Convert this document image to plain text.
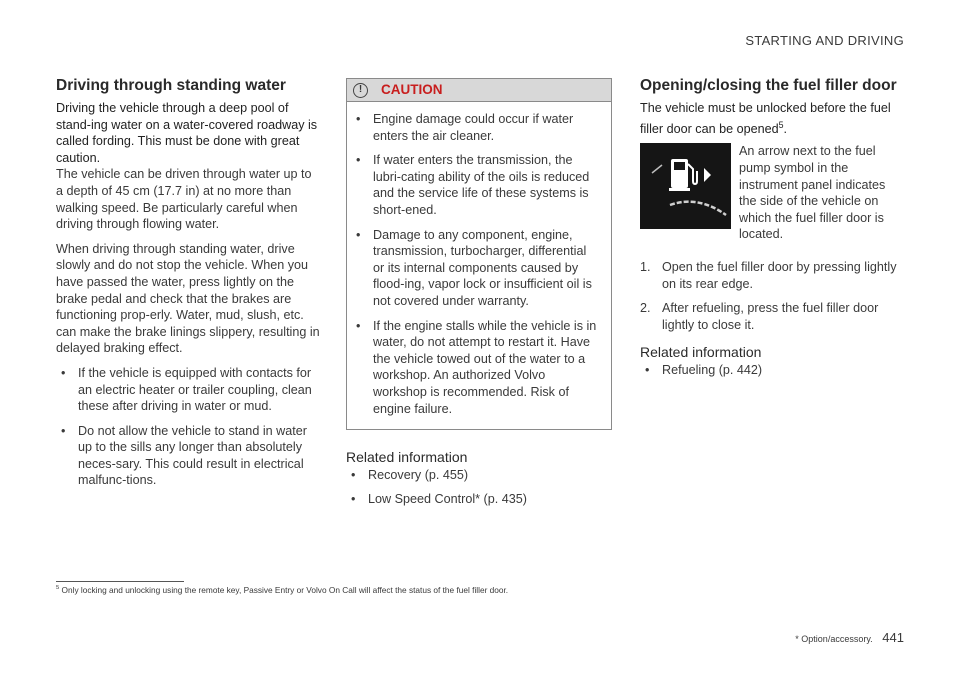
STARTING AND DRIVING
Driving through standing water

Driving the vehicle through a deep pool of stand-ing water on a water-covered roadway is called fording. This must be done with great caution.

The vehicle can be driven through water up to a depth of 45 cm (17.7 in) at no more than walking speed. Be particularly careful when driving through flowing water.

When driving through standing water, drive slowly and do not stop the vehicle. When you have passed the water, press lightly on the brake pedal and check that the brakes are functioning prop-erly. Water, mud, slush, etc. can make the brake linings slippery, resulting in delayed braking effect.

• If the vehicle is equipped with contacts for an electric heater or trailer coupling, clean these after driving in water or mud.
• Do not allow the vehicle to stand in water up to the sills any longer than absolutely neces-sary. This could result in electrical malfunc-tions.
!	CAUTION
• Engine damage could occur if water enters the air cleaner.
• If water enters the transmission, the lubri-cating ability of the oils is reduced and the service life of these systems is short-ened.
• Damage to any component, engine, transmission, turbocharger, differential or its internal components caused by flood-ing, vapor lock or insufficient oil is not covered under warranty.
• If the engine stalls while the vehicle is in water, do not attempt to restart it. Have the vehicle towed out of the water to a workshop. An authorized Volvo workshop is recommended. Risk of engine failure.
Related information
• Recovery (p. 455)
• Low Speed Control* (p. 435)
Opening/closing the fuel filler door

The vehicle must be unlocked before the fuel filler door can be opened$^5$.

An arrow next to the fuel pump symbol in the instrument panel indicates the side of the vehicle on which the fuel filler door is located.
1. Open the fuel filler door by pressing lightly on its rear edge.
2. After refueling, press the fuel filler door lightly to close it.
Related information
• Refueling (p. 442)
$^5$ Only locking and unlocking using the remote key, Passive Entry or Volvo On Call will affect the status of the fuel filler door.
* Option/accessory. 441
